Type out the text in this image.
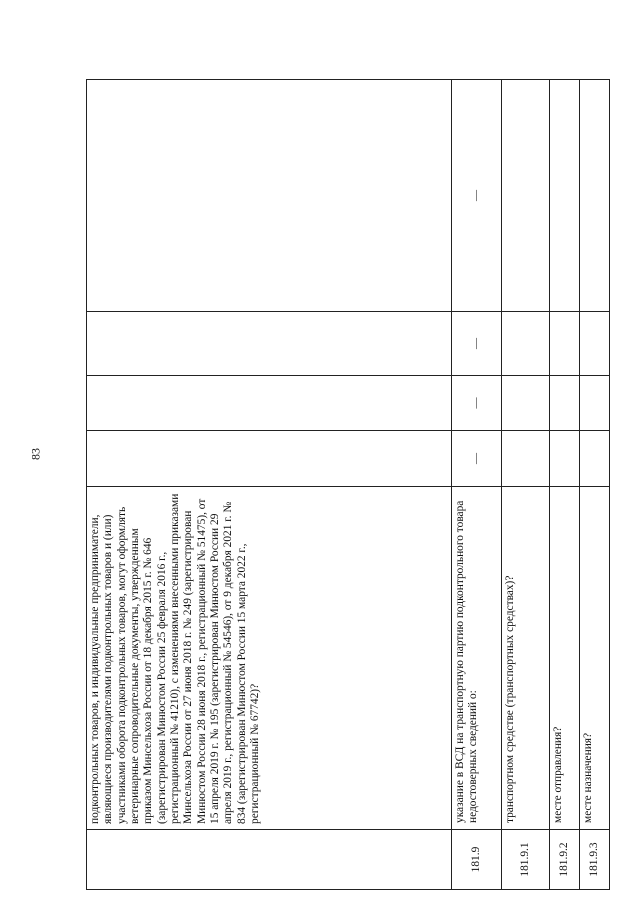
83
	подконтрольных товаров, и индивидуальные предприниматели, являющиеся производителями подконтрольных товаров и (или) участниками оборота подконтрольных товаров, могут оформлять ветеринарные сопроводительные документы, утвержденным приказом Минсельхоза России от 18 декабря 2015 г. № 646 (зарегистрирован Минюстом России 25 февраля 2016 г., регистрационный № 41210), с изменениями внесенными приказами Минсельхоза России от 27 июня 2018 г. № 249 (зарегистрирован Минюстом России 28 июня 2018 г., регистрационный № 51475), от 15 апреля 2019 г. № 195 (зарегистрирован Минюстом России 29 апреля 2019 г., регистрационный № 54546), от 9 декабря 2021 г. № 834 (зарегистрирован Минюстом России 15 марта 2022 г., регистрационный № 67742)?				
181.9	указание в ВСД на транспортную партию подконтрольного товара недостоверных сведений о:	—	—	—	—
181.9.1	транспортном средстве (транспортных средствах)?				
181.9.2	месте отправления?				
181.9.3	месте назначения?				
